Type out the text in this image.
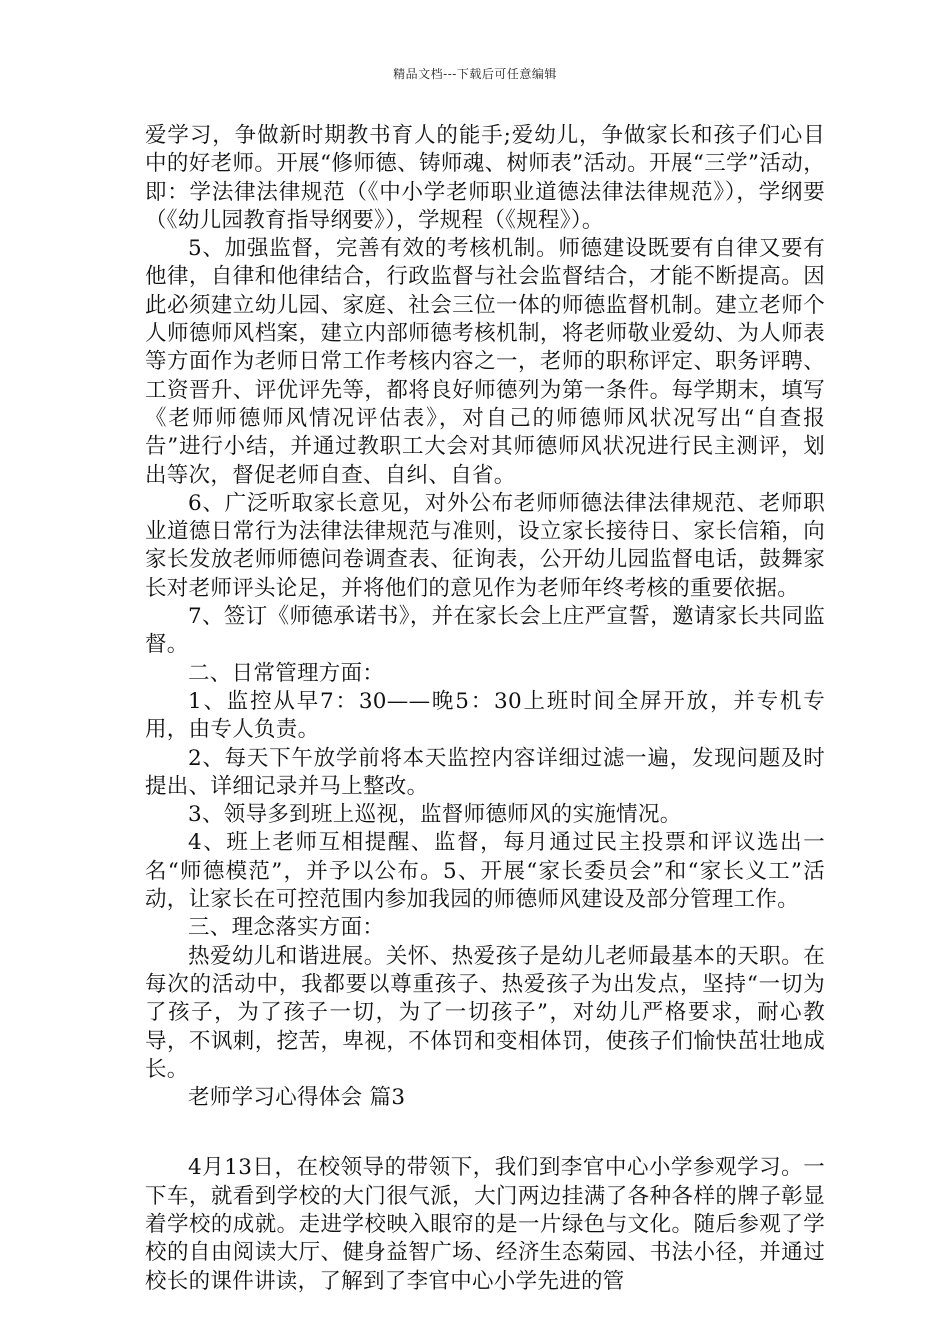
精品文档---下载后可任意编辑

爱学习，争做新时期教书育人的能手;爱幼儿，争做家长和孩子们心目中的好老师。开展“修师德、铸师魂、树师表”活动。开展“三学”活动，即：学法律法律规范（《中小学老师职业道德法律法律规范》），学纲要（《幼儿园教育指导纲要》），学规程（《规程》）。

5、加强监督，完善有效的考核机制。师德建设既要有自律又要有他律，自律和他律结合，行政监督与社会监督结合，才能不断提高。因此必须建立幼儿园、家庭、社会三位一体的师德监督机制。建立老师个人师德师风档案，建立内部师德考核机制，将老师敬业爱幼、为人师表等方面作为老师日常工作考核内容之一，老师的职称评定、职务评聘、工资晋升、评优评先等，都将良好师德列为第一条件。每学期末，填写《老师师德师风情况评估表》，对自己的师德师风状况写出“自查报告”进行小结，并通过教职工大会对其师德师风状况进行民主测评，划出等次，督促老师自查、自纠、自省。

6、广泛听取家长意见，对外公布老师师德法律法律规范、老师职业道德日常行为法律法律规范与准则，设立家长接待日、家长信箱，向家长发放老师师德问卷调查表、征询表，公开幼儿园监督电话，鼓舞家长对老师评头论足，并将他们的意见作为老师年终考核的重要依据。

7、签订《师德承诺书》，并在家长会上庄严宣誓，邀请家长共同监督。

二、日常管理方面：

1、监控从早7：30——晚5：30上班时间全屏开放，并专机专用，由专人负责。

2、每天下午放学前将本天监控内容详细过滤一遍，发现问题及时提出、详细记录并马上整改。

3、领导多到班上巡视，监督师德师风的实施情况。

4、班上老师互相提醒、监督，每月通过民主投票和评议选出一名“师德模范”，并予以公布。5、开展“家长委员会”和“家长义工”活动，让家长在可控范围内参加我园的师德师风建设及部分管理工作。

三、理念落实方面：

热爱幼儿和谐进展。关怀、热爱孩子是幼儿老师最基本的天职。在每次的活动中，我都要以尊重孩子、热爱孩子为出发点，坚持“一切为了孩子，为了孩子一切，为了一切孩子”，对幼儿严格要求，耐心教导，不讽刺，挖苦，卑视，不体罚和变相体罚，使孩子们愉快茁壮地成长。

老师学习心得体会 篇3

4月13日，在校领导的带领下，我们到李官中心小学参观学习。一下车，就看到学校的大门很气派，大门两边挂满了各种各样的牌子彰显着学校的成就。走进学校映入眼帘的是一片绿色与文化。随后参观了学校的自由阅读大厅、健身益智广场、经济生态菊园、书法小径，并通过校长的课件讲读，了解到了李官中心小学先进的管
